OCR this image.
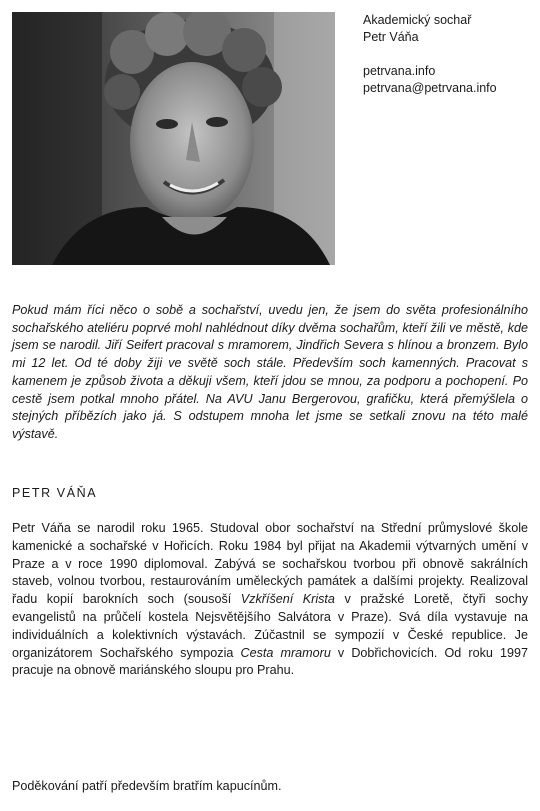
Akademický sochař

Petr Váňa

petrvana.info

petrvana@petrvana.info

Pokud mám říci něco o sobě a sochařství, uvedu jen, že jsem do světa profesionálního sochařského ateliéru poprvé mohl nahlédnout díky dvěma sochařům, kteří žili ve městě, kde jsem se narodil. Jiří Seifert pracoval s mramorem, Jindřich Severa s hlínou a bronzem. Bylo mi 12 let. Od té doby žiji ve světě soch stále. Především soch kamenných. Pracovat s kamenem je způsob života a děkuji všem, kteří jdou se mnou, za podporu a pochopení. Po cestě jsem potkal mnoho přátel. Na AVU Janu Bergerovou, grafičku, která přemýšlela o stejných příbězích jako já. S odstupem mnoha let jsme se setkali znovu na této malé výstavě.

PETR VÁŇA

Petr Váňa se narodil roku 1965. Studoval obor sochařství na Střední průmyslové škole kamenické a sochařské v Hořicích. Roku 1984 byl přijat na Akademii výtvarných umění v Praze a v roce 1990 diplomoval. Zabývá se sochařskou tvorbou při obnově sakrálních staveb, volnou tvorbou, restaurováním uměleckých památek a dalšími projekty. Realizoval řadu kopií barokních soch (sousoší Vzkříšení Krista v pražské Loretě, čtyři sochy evangelistů na průčelí kostela Nejsvětějšího Salvátora v Praze). Svá díla vystavuje na individuálních a kolektivních výstavách. Zúčastnil se sympozií v České republice. Je organizátorem Sochařského sympozia Cesta mramoru v Dobřichovicích. Od roku 1997 pracuje na obnově mariánského sloupu pro Prahu.

Poděkování patří především bratřím kapucínům.
